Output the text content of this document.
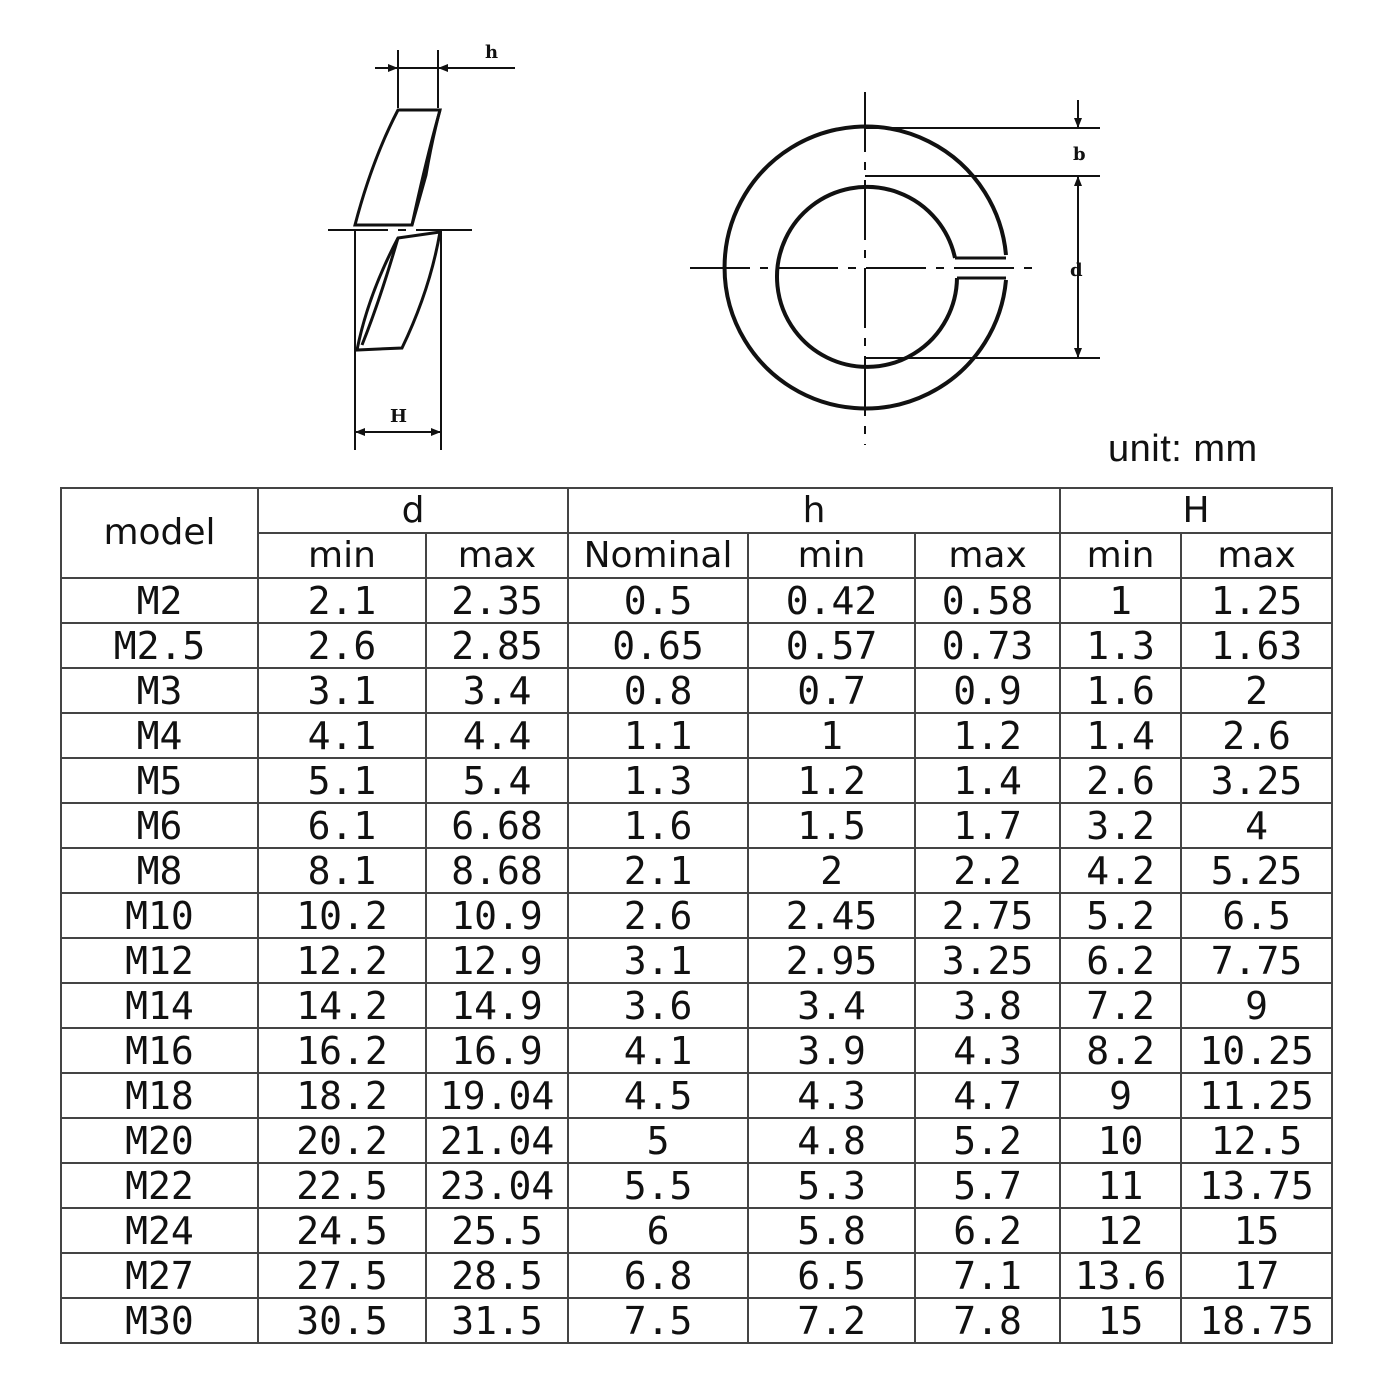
h
H
b
d
unit: mm
model	d		h			H	
	min	max	Nominal	min	max	min	max
M2	2.1	2.35	0.5	0.42	0.58	1	1.25
M2.5	2.6	2.85	0.65	0.57	0.73	1.3	1.63
M3	3.1	3.4	0.8	0.7	0.9	1.6	2
M4	4.1	4.4	1.1	1	1.2	1.4	2.6
M5	5.1	5.4	1.3	1.2	1.4	2.6	3.25
M6	6.1	6.68	1.6	1.5	1.7	3.2	4
M8	8.1	8.68	2.1	2	2.2	4.2	5.25
M10	10.2	10.9	2.6	2.45	2.75	5.2	6.5
M12	12.2	12.9	3.1	2.95	3.25	6.2	7.75
M14	14.2	14.9	3.6	3.4	3.8	7.2	9
M16	16.2	16.9	4.1	3.9	4.3	8.2	10.25
M18	18.2	19.04	4.5	4.3	4.7	9	11.25
M20	20.2	21.04	5	4.8	5.2	10	12.5
M22	22.5	23.04	5.5	5.3	5.7	11	13.75
M24	24.5	25.5	6	5.8	6.2	12	15
M27	27.5	28.5	6.8	6.5	7.1	13.6	17
M30	30.5	31.5	7.5	7.2	7.8	15	18.75
